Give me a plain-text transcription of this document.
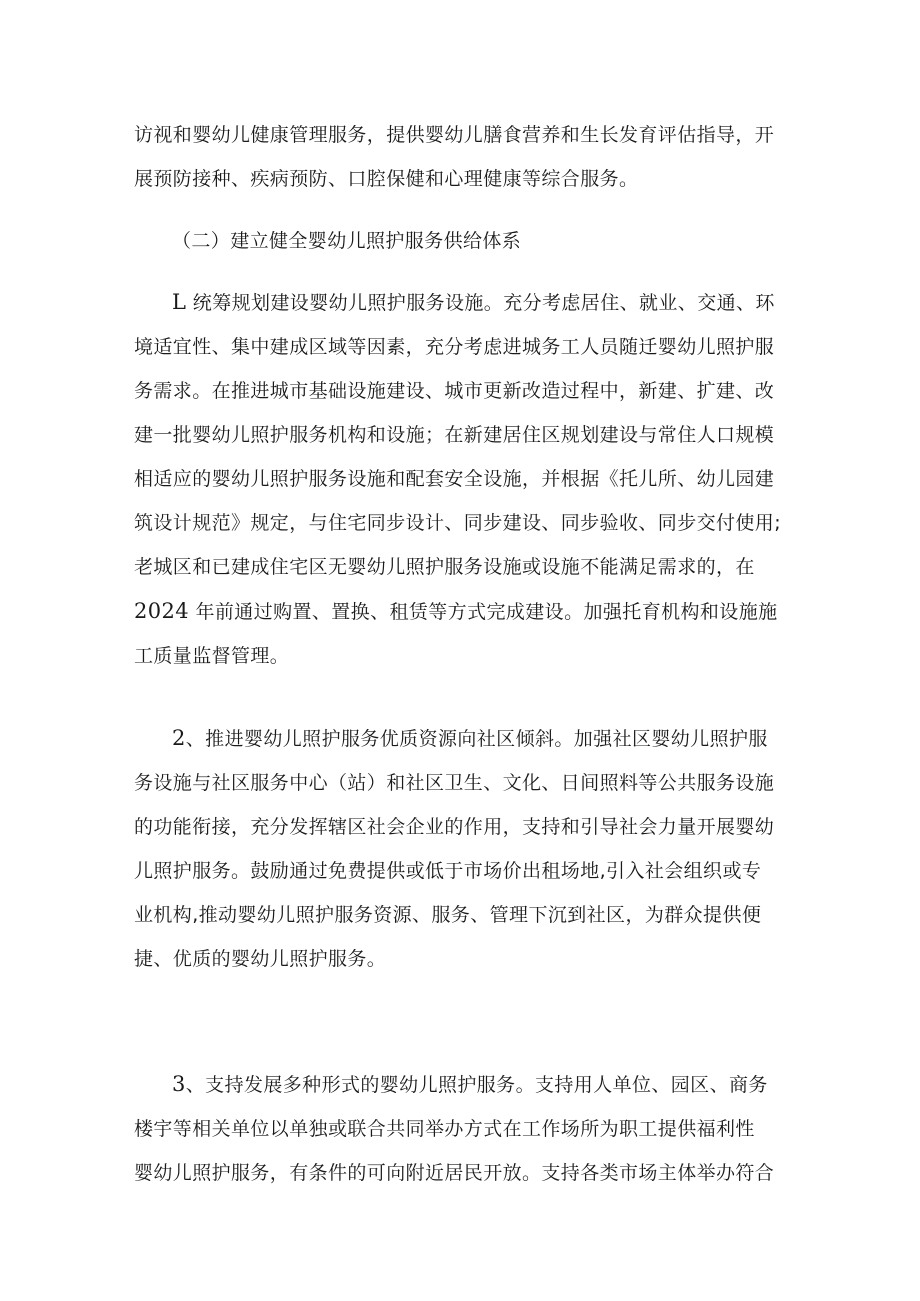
访视和婴幼儿健康管理服务，提供婴幼儿膳食营养和生长发育评估指导，开
展预防接种、疾病预防、口腔保健和心理健康等综合服务。

（二）建立健全婴幼儿照护服务供给体系

L 统筹规划建设婴幼儿照护服务设施。充分考虑居住、就业、交通、环
境适宜性、集中建成区域等因素，充分考虑进城务工人员随迁婴幼儿照护服
务需求。在推进城市基础设施建设、城市更新改造过程中，新建、扩建、改
建一批婴幼儿照护服务机构和设施；在新建居住区规划建设与常住人口规模
相适应的婴幼儿照护服务设施和配套安全设施，并根据《托儿所、幼儿园建
筑设计规范》规定，与住宅同步设计、同步建设、同步验收、同步交付使用;
老城区和已建成住宅区无婴幼儿照护服务设施或设施不能满足需求的，在
2024 年前通过购置、置换、租赁等方式完成建设。加强托育机构和设施施
工质量监督管理。

2、推进婴幼儿照护服务优质资源向社区倾斜。加强社区婴幼儿照护服
务设施与社区服务中心（站）和社区卫生、文化、日间照料等公共服务设施
的功能衔接，充分发挥辖区社会企业的作用，支持和引导社会力量开展婴幼
儿照护服务。鼓励通过免费提供或低于市场价出租场地,引入社会组织或专
业机构,推动婴幼儿照护服务资源、服务、管理下沉到社区，为群众提供便
捷、优质的婴幼儿照护服务。

3、支持发展多种形式的婴幼儿照护服务。支持用人单位、园区、商务
楼宇等相关单位以单独或联合共同举办方式在工作场所为职工提供福利性
婴幼儿照护服务，有条件的可向附近居民开放。支持各类市场主体举办符合
